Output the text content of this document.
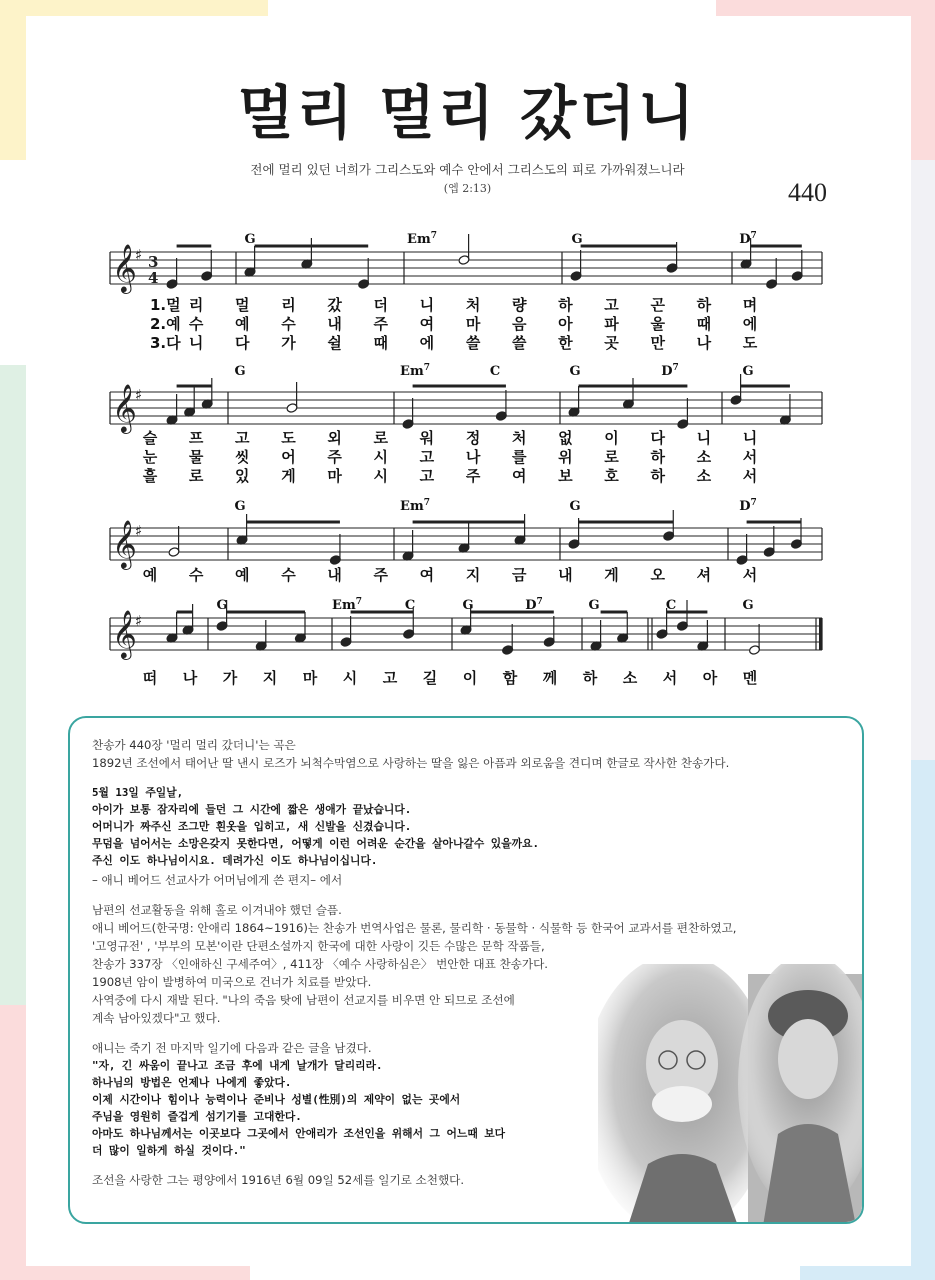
멀리 멀리 갔더니
전에 멀리 있던 너희가 그리스도와 예수 안에서 그리스도의 피로 가까워졌느니라
(엡 2:13)	440
𝄞
♯ 3
4
G	Em$^7$	G	$D^7$
1.멀 리 멀 리 갔 더 니 처 량 하 고 곤 하 며
2.예 수 예 수 내 주 여 마 음 아 파 울 때 에
3.다 니 다 가 쉴 때 에 쓸 쓸 한 곳 만 나 도
𝄞
♯
G	Em$^7$	C	G	$D^7$	G
슬 프 고 도 외 로 워 정 처 없 이 다 니 니
눈 물 씻 어 주 시 고 나 를 위 로 하 소 서
흘 로 있 게 마 시 고 주 여 보 호 하 소 서
𝄞
♯
G	Em$^7$	G	$D^7$
예 수 예 수 내 주 여 지 금 내 게 오 셔 서
𝄞
♯
G	Em$^7$	C	G	$D^7$	G	C	G
떠 나 가 지 마 시 고 길 이 함 께 하 소 서 아 멘

찬송가 440장 '멀리 멀리 갔더니'는 곡은

1892년 조선에서 태어난 딸 낸시 로즈가 뇌척수막염으로 사랑하는 딸을 잃은 아픔과 외로움을 견디며 한글로 작사한 찬송가다.

5월 13일 주일날,

아이가 보통 잠자리에 들던 그 시간에 짧은 생애가 끝났습니다.

어머니가 짜주신 조그만 흰옷을 입히고, 새 신발을 신겼습니다.

무덤을 넘어서는 소망은갖지 못한다면, 어떻게 이런 어려운 순간을 살아나갈수 있을까요.

주신 이도 하나님이시요. 데려가신 이도 하나님이십니다.

– 애니 베어드 선교사가 어머님에게 쓴 편지– 에서

남편의 선교활동을 위해 홀로 이겨내야 했던 슬픔.

애니 베어드(한국명: 안애리 1864~1916)는 찬송가 번역사업은 물론, 물리학 · 동물학 · 식물학 등 한국어 교과서를 편찬하였고,

'고영규전' , '부부의 모본'이란 단편소설까지 한국에 대한 사랑이 깃든 수많은 문학 작품들,

찬송가 337장 〈인애하신 구세주여〉, 411장 〈예수 사랑하심은〉 번안한 대표 찬송가다.

1908년 암이 발병하여 미국으로 건너가 치료를 받았다.

사역중에 다시 재발 된다. "나의 죽음 탓에 남편이 선교지를 비우면 안 되므로 조선에

계속 남아있겠다"고 했다.

애니는 죽기 전 마지막 일기에 다음과 같은 글을 남겼다.

"자, 긴 싸움이 끝나고 조금 후에 내게 날개가 달리리라.

하나님의 방법은 언제나 나에게 좋았다.

이제 시간이나 힘이나 능력이나 준비나 성별(性別)의 제약이 없는 곳에서

주님을 영원히 즐겁게 섬기기를 고대한다.

아마도 하나님께서는 이곳보다 그곳에서 안애리가 조선인을 위해서 그 어느때 보다

더 많이 일하게 하실 것이다."

조선을 사랑한 그는 평양에서 1916년 6월 09일 52세를 일기로 소천했다.
